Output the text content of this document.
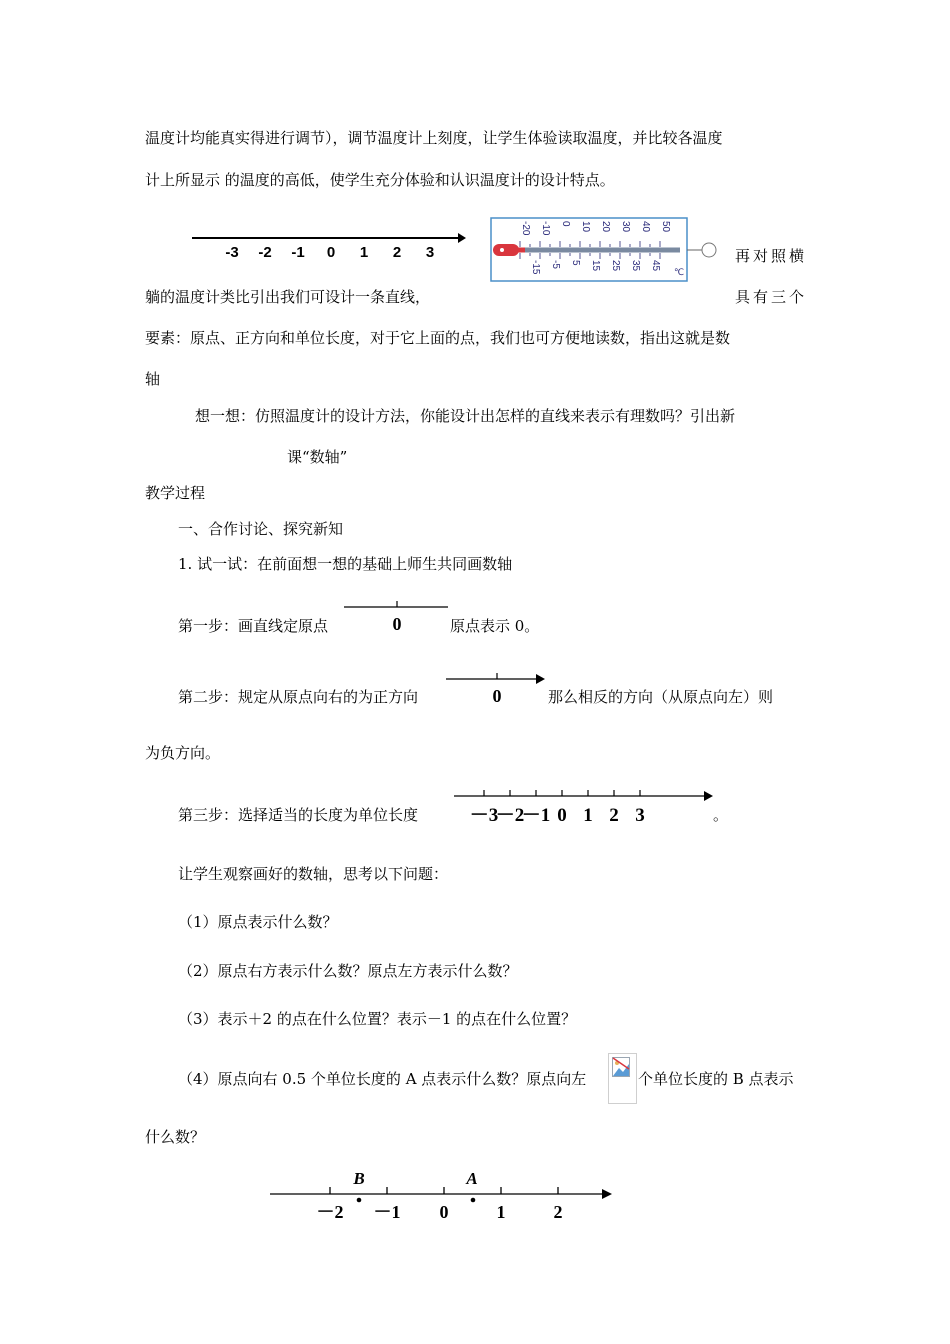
温度计均能真实得进行调节），调节温度计上刻度，让学生体验读取温度，并比较各温度
计上所显示 的温度的高低，使学生充分体验和认识温度计的设计特点。
-3 -2 -1 0 1 2 3
-20 -10 0 10 20 30 40 50
-15 -5 5 15 25 35 45
℃
再对照横
躺的温度计类比引出我们可设计一条直线，	具有三个
要素：原点、正方向和单位长度，对于它上面的点，我们也可方便地读数，指出这就是数
轴
想一想：仿照温度计的设计方法，你能设计出怎样的直线来表示有理数吗？引出新
课“数轴”
教学过程
一、合作讨论、探究新知
1. 试一试：在前面想一想的基础上师生共同画数轴
第一步：画直线定原点	0	原点表示 0。
第二步：规定从原点向右的为正方向	0	那么相反的方向（从原点向左）则
为负方向。
第三步：选择适当的长度为单位长度	－3
－2
－1 0 1 2 3	。
让学生观察画好的数轴，思考以下问题：
（1）原点表示什么数？
（2）原点右方表示什么数？原点左方表示什么数？
（3）表示＋2 的点在什么位置？表示－1 的点在什么位置？
（4）原点向右 0.5 个单位长度的 A 点表示什么数？原点向左	个单位长度的 B 点表示
什么数？
－2 －1 0	1	2
B	A
